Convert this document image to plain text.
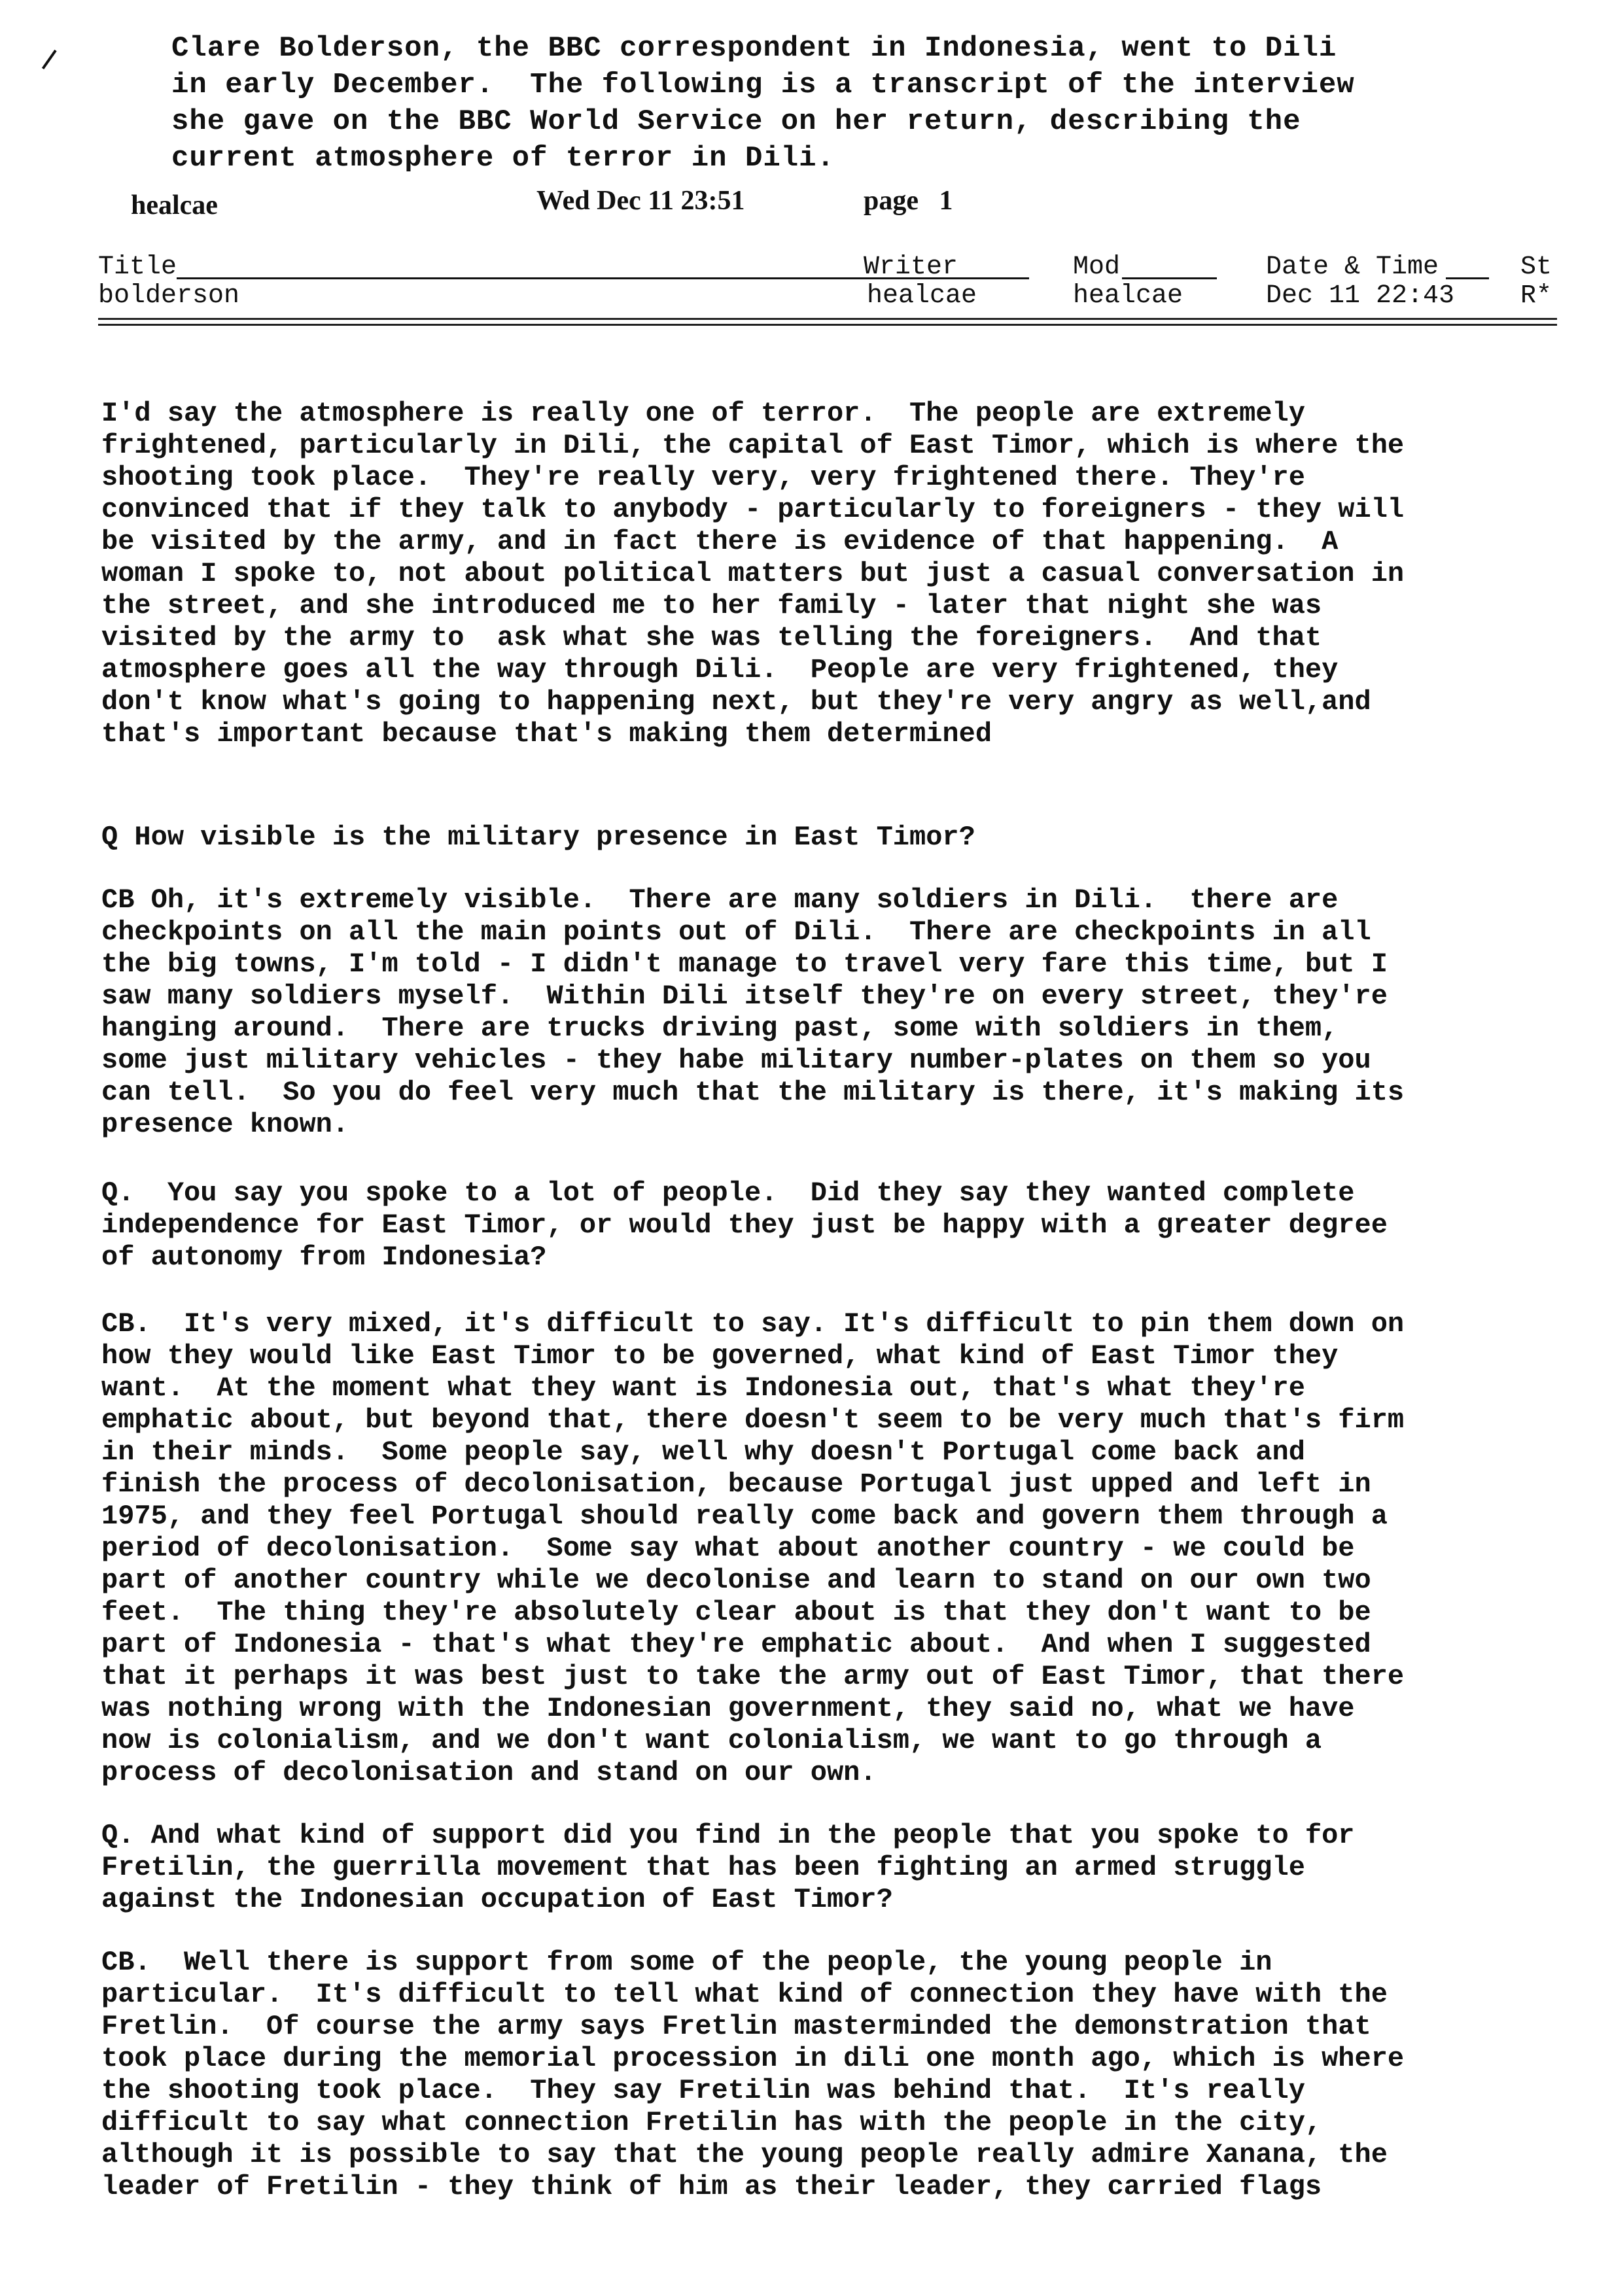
Clare Bolderson, the BBC correspondent in Indonesia, went to Dili
in early December.  The following is a transcript of the interview
she gave on the BBC World Service on her return, describing the
current atmosphere of terror in Dili.
healcae	Wed Dec 11 23:51	page 1
Title
bolderson
Writer
healcae
Mod
healcae
Date & Time
Dec 11 22:43
St
R*

I'd say the atmosphere is really one of terror.  The people are extremely
frightened, particularly in Dili, the capital of East Timor, which is where the
shooting took place.  They're really very, very frightened there. They're
convinced that if they talk to anybody - particularly to foreigners - they will
be visited by the army, and in fact there is evidence of that happening.  A
woman I spoke to, not about political matters but just a casual conversation in
the street, and she introduced me to her family - later that night she was
visited by the army to  ask what she was telling the foreigners.  And that
atmosphere goes all the way through Dili.  People are very frightened, they
don't know what's going to happening next, but they're very angry as well,and
that's important because that's making them determined

Q How visible is the military presence in East Timor?

CB Oh, it's extremely visible.  There are many soldiers in Dili.  there are
checkpoints on all the main points out of Dili.  There are checkpoints in all
the big towns, I'm told - I didn't manage to travel very fare this time, but I
saw many soldiers myself.  Within Dili itself they're on every street, they're
hanging around.  There are trucks driving past, some with soldiers in them,
some just military vehicles - they habe military number-plates on them so you
can tell.  So you do feel very much that the military is there, it's making its
presence known.

Q.  You say you spoke to a lot of people.  Did they say they wanted complete
independence for East Timor, or would they just be happy with a greater degree
of autonomy from Indonesia?

CB.  It's very mixed, it's difficult to say. It's difficult to pin them down on
how they would like East Timor to be governed, what kind of East Timor they
want.  At the moment what they want is Indonesia out, that's what they're
emphatic about, but beyond that, there doesn't seem to be very much that's firm
in their minds.  Some people say, well why doesn't Portugal come back and
finish the process of decolonisation, because Portugal just upped and left in
1975, and they feel Portugal should really come back and govern them through a
period of decolonisation.  Some say what about another country - we could be
part of another country while we decolonise and learn to stand on our own two
feet.  The thing they're absolutely clear about is that they don't want to be
part of Indonesia - that's what they're emphatic about.  And when I suggested
that it perhaps it was best just to take the army out of East Timor, that there
was nothing wrong with the Indonesian government, they said no, what we have
now is colonialism, and we don't want colonialism, we want to go through a
process of decolonisation and stand on our own.

Q. And what kind of support did you find in the people that you spoke to for
Fretilin, the guerrilla movement that has been fighting an armed struggle
against the Indonesian occupation of East Timor?

CB.  Well there is support from some of the people, the young people in
particular.  It's difficult to tell what kind of connection they have with the
Fretlin.  Of course the army says Fretlin masterminded the demonstration that
took place during the memorial procession in dili one month ago, which is where
the shooting took place.  They say Fretilin was behind that.  It's really
difficult to say what connection Fretilin has with the people in the city,
although it is possible to say that the young people really admire Xanana, the
leader of Fretilin - they think of him as their leader, they carried flags
